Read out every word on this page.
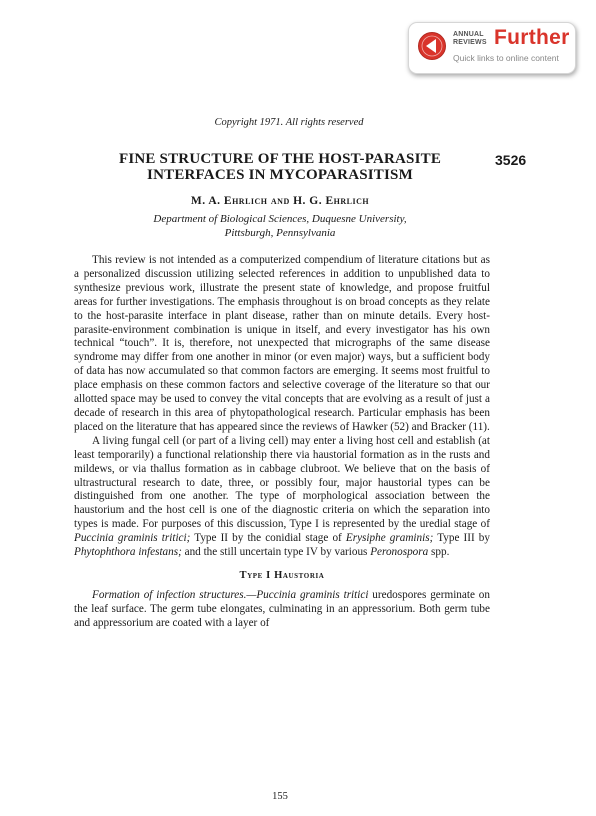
ANNUAL
REVIEWS Further
Quick links to online content
Copyright 1971. All rights reserved
FINE STRUCTURE OF THE HOST-PARASITE
INTERFACES IN MYCOPARASITISM
3526
M. A. Ehrlich and H. G. Ehrlich
Department of Biological Sciences, Duquesne University,
Pittsburgh, Pennsylvania

This review is not intended as a computerized compendium of literature citations but as a personalized discussion utilizing selected references in addition to unpublished data to synthesize previous work, illustrate the present state of knowledge, and propose fruitful areas for further investigations. The emphasis throughout is on broad concepts as they relate to the host-parasite interface in plant disease, rather than on minute details. Every host-parasite-environment combination is unique in itself, and every investigator has his own technical “touch”. It is, therefore, not unexpected that micrographs of the same disease syndrome may differ from one another in minor (or even major) ways, but a sufficient body of data has now accumulated so that common factors are emerging. It seems most fruitful to place emphasis on these common factors and selective coverage of the literature so that our allotted space may be used to convey the vital concepts that are evolving as a result of just a decade of research in this area of phytopathological research. Particular emphasis has been placed on the literature that has appeared since the reviews of Hawker (52) and Bracker (11).

A living fungal cell (or part of a living cell) may enter a living host cell and establish (at least temporarily) a functional relationship there via haustorial formation as in the rusts and mildews, or via thallus formation as in cabbage clubroot. We believe that on the basis of ultrastructural research to date, three, or possibly four, major haustorial types can be distinguished from one another. The type of morphological association between the haustorium and the host cell is one of the diagnostic criteria on which the separation into types is made. For purposes of this discussion, Type I is represented by the uredial stage of Puccinia graminis tritici; Type II by the conidial stage of Erysiphe graminis; Type III by Phytophthora infestans; and the still uncertain type IV by various Peronospora spp.

Type I Haustoria

Formation of infection structures.—Puccinia graminis tritici uredospores germinate on the leaf surface. The germ tube elongates, culminating in an appressorium. Both germ tube and appressorium are coated with a layer of

155
